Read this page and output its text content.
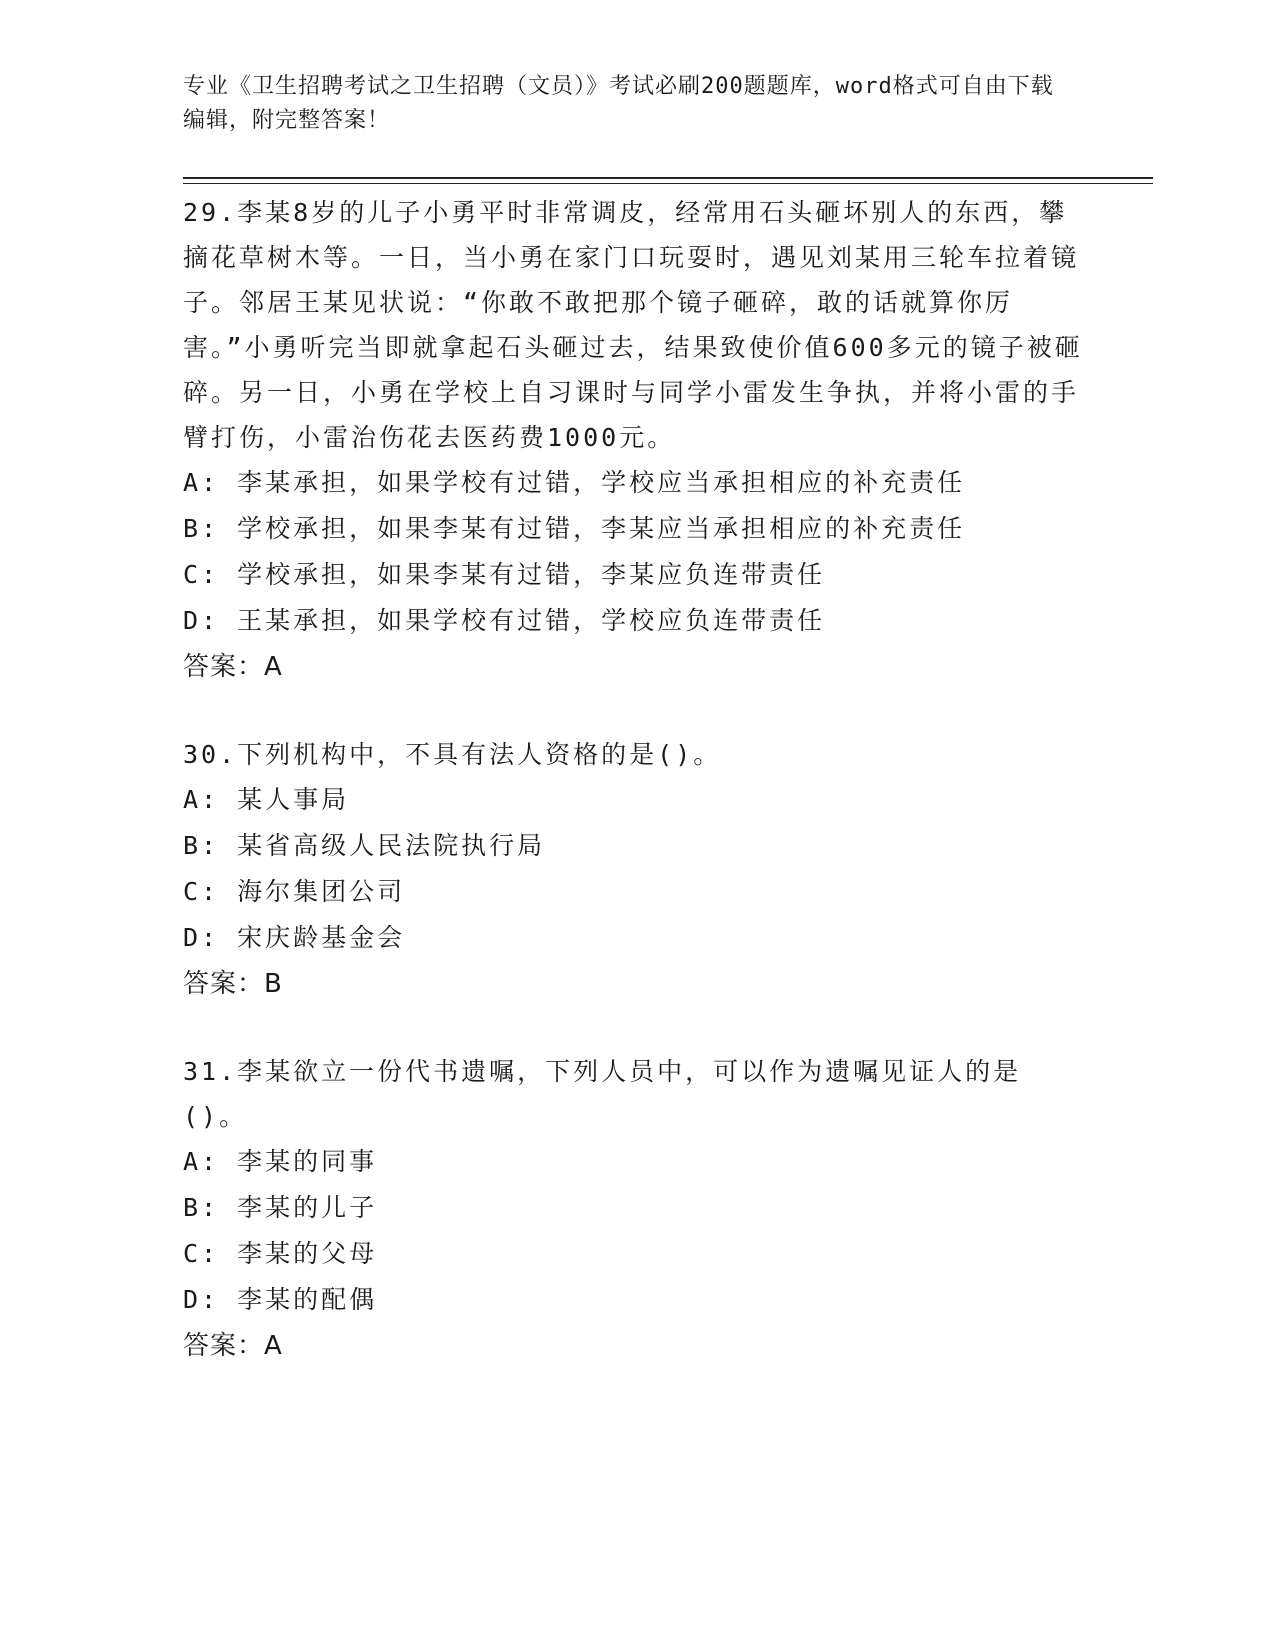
专业《卫生招聘考试之卫生招聘（文员）》考试必刷200题题库，word格式可自由下载编辑，附完整答案！

29.李某8岁的儿子小勇平时非常调皮，经常用石头砸坏别人的东西，攀摘花草树木等。一日，当小勇在家门口玩耍时，遇见刘某用三轮车拉着镜子。邻居王某见状说：“你敢不敢把那个镜子砸碎，敢的话就算你厉害。”小勇听完当即就拿起石头砸过去，结果致使价值600多元的镜子被砸碎。另一日，小勇在学校上自习课时与同学小雷发生争执，并将小雷的手臂打伤，小雷治伤花去医药费1000元。

A: 李某承担，如果学校有过错，学校应当承担相应的补充责任

B: 学校承担，如果李某有过错，李某应当承担相应的补充责任

C: 学校承担，如果李某有过错，李某应负连带责任

D: 王某承担，如果学校有过错，学校应负连带责任

答案：A

30.下列机构中，不具有法人资格的是()。

A: 某人事局

B: 某省高级人民法院执行局

C: 海尔集团公司

D: 宋庆龄基金会

答案：B

31.李某欲立一份代书遗嘱，下列人员中，可以作为遗嘱见证人的是()。

A: 李某的同事

B: 李某的儿子

C: 李某的父母

D: 李某的配偶

答案：A
